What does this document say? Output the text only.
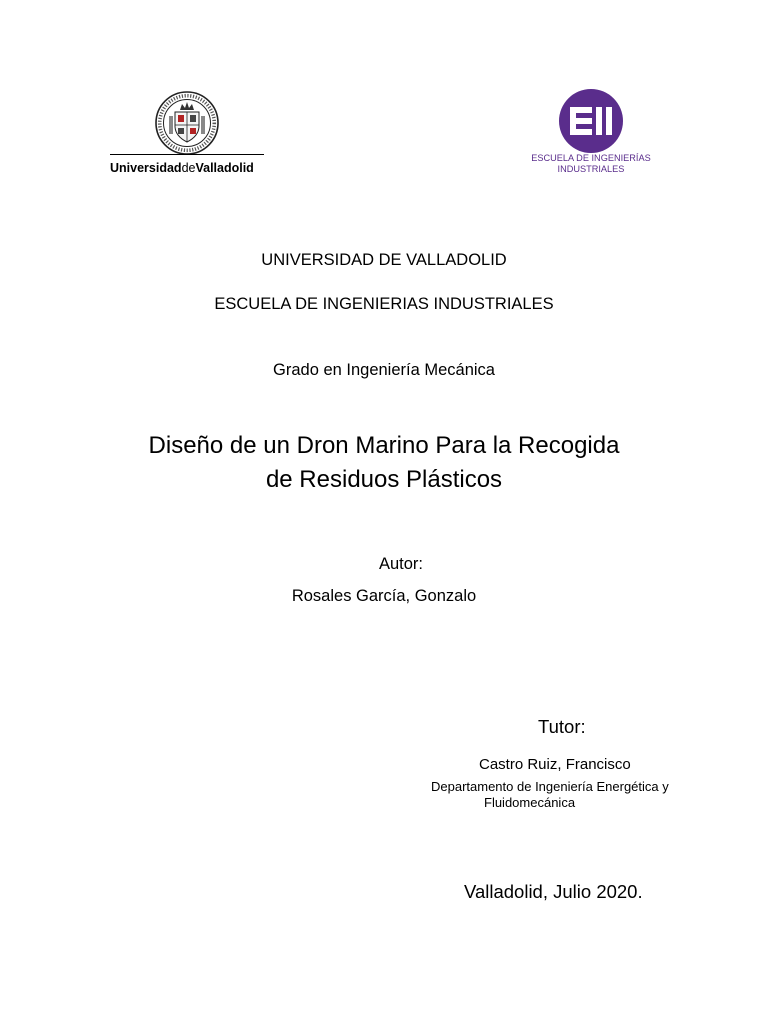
UniversidaddeValladolid
ESCUELA DE INGENIERÍAS
INDUSTRIALES
UNIVERSIDAD DE VALLADOLID
ESCUELA DE INGENIERIAS INDUSTRIALES
Grado en Ingeniería Mecánica
Diseño de un Dron Marino Para la Recogida
de Residuos Plásticos
Autor:
Rosales García, Gonzalo
Tutor:
Castro Ruiz, Francisco
Departamento de Ingeniería Energética y
Fluidomecánica
Valladolid, Julio 2020.
